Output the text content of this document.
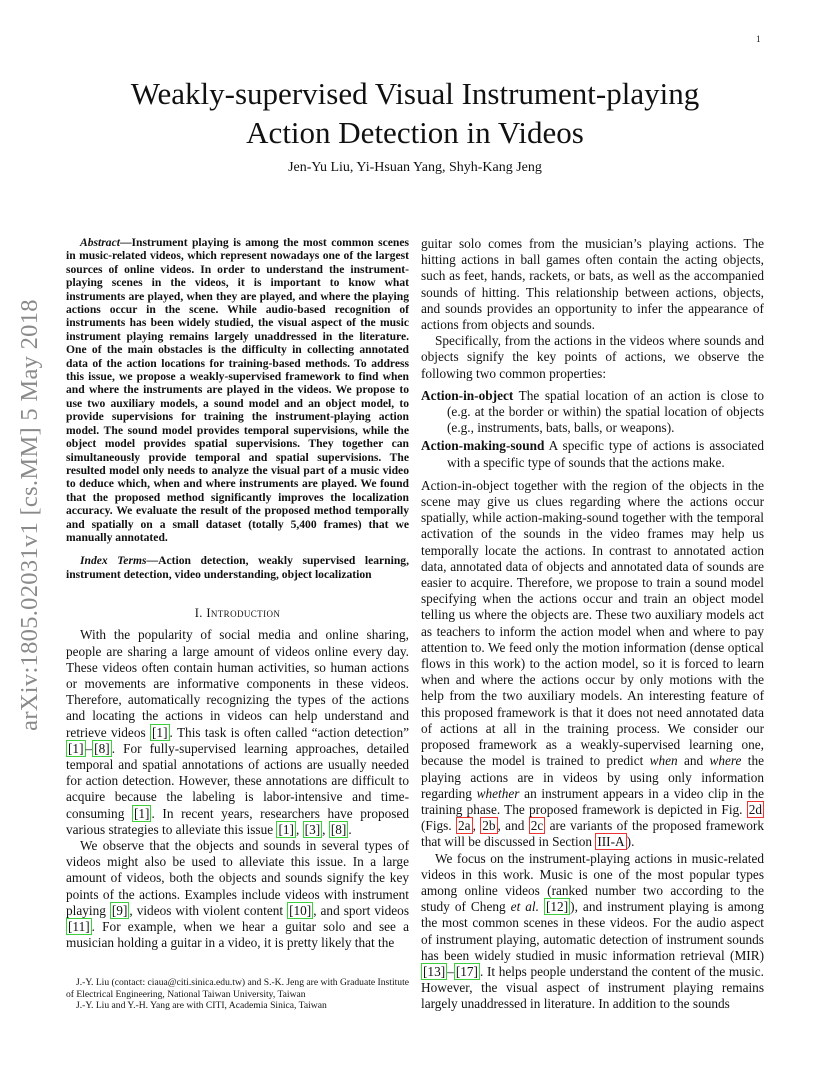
1
arXiv:1805.02031v1 [cs.MM] 5 May 2018
Weakly-supervised Visual Instrument-playing
Action Detection in Videos
Jen-Yu Liu, Yi-Hsuan Yang, Shyh-Kang Jeng

Abstract—Instrument playing is among the most common scenes in music-related videos, which represent nowadays one of the largest sources of online videos. In order to understand the instrument-playing scenes in the videos, it is important to know what instruments are played, when they are played, and where the playing actions occur in the scene. While audio-based recognition of instruments has been widely studied, the visual aspect of the music instrument playing remains largely unaddressed in the literature. One of the main obstacles is the difficulty in collecting annotated data of the action locations for training-based methods. To address this issue, we propose a weakly-supervised framework to find when and where the instruments are played in the videos. We propose to use two auxiliary models, a sound model and an object model, to provide supervisions for training the instrument-playing action model. The sound model provides temporal supervisions, while the object model provides spatial supervisions. They together can simultaneously provide temporal and spatial supervisions. The resulted model only needs to analyze the visual part of a music video to deduce which, when and where instruments are played. We found that the proposed method significantly improves the localization accuracy. We evaluate the result of the proposed method temporally and spatially on a small dataset (totally 5,400 frames) that we manually annotated.

Index Terms—Action detection, weakly supervised learning, instrument detection, video understanding, object localization

I. Introduction

With the popularity of social media and online sharing, people are sharing a large amount of videos online every day. These videos often contain human activities, so human actions or movements are informative components in these videos. Therefore, automatically recognizing the types of the actions and locating the actions in videos can help understand and retrieve videos [1] . This task is often called “action detection” [1] – [8] . For fully-supervised learning approaches, detailed temporal and spatial annotations of actions are usually needed for action detection. However, these annotations are difficult to acquire because the labeling is labor-intensive and time-consuming [1] . In recent years, researchers have proposed various strategies to alleviate this issue [1] , [3] , [8] .

We observe that the objects and sounds in several types of videos might also be used to alleviate this issue. In a large amount of videos, both the objects and sounds signify the key points of the actions. Examples include videos with instrument playing [9] , videos with violent content [10] , and sport videos [11] . For example, when we hear a guitar solo and see a musician holding a guitar in a video, it is pretty likely that the

J.-Y. Liu (contact: ciaua@citi.sinica.edu.tw) and S.-K. Jeng are with Graduate Institute of Electrical Engineering, National Taiwan University, Taiwan

J.-Y. Liu and Y.-H. Yang are with CITI, Academia Sinica, Taiwan

guitar solo comes from the musician’s playing actions. The hitting actions in ball games often contain the acting objects, such as feet, hands, rackets, or bats, as well as the accompanied sounds of hitting. This relationship between actions, objects, and sounds provides an opportunity to infer the appearance of actions from objects and sounds.

Specifically, from the actions in the videos where sounds and objects signify the key points of actions, we observe the following two common properties:

Action-in-object The spatial location of an action is close to (e.g. at the border or within) the spatial location of objects (e.g., instruments, bats, balls, or weapons).

Action-making-sound A specific type of actions is associated with a specific type of sounds that the actions make.

Action-in-object together with the region of the objects in the scene may give us clues regarding where the actions occur spatially, while action-making-sound together with the temporal activation of the sounds in the video frames may help us temporally locate the actions. In contrast to annotated action data, annotated data of objects and annotated data of sounds are easier to acquire. Therefore, we propose to train a sound model specifying when the actions occur and train an object model telling us where the objects are. These two auxiliary models act as teachers to inform the action model when and where to pay attention to. We feed only the motion information (dense optical flows in this work) to the action model, so it is forced to learn when and where the actions occur by only motions with the help from the two auxiliary models. An interesting feature of this proposed framework is that it does not need annotated data of actions at all in the training process. We consider our proposed framework as a weakly-supervised learning one, because the model is trained to predict when and where the playing actions are in videos by using only information regarding whether an instrument appears in a video clip in the training phase. The proposed framework is depicted in Fig. 2d (Figs. 2a , 2b , and 2c are variants of the proposed framework that will be discussed in Section III-A ).

We focus on the instrument-playing actions in music-related videos in this work. Music is one of the most popular types among online videos (ranked number two according to the study of Cheng et al. [12] ), and instrument playing is among the most common scenes in these videos. For the audio aspect of instrument playing, automatic detection of instrument sounds has been widely studied in music information retrieval (MIR) [13] – [17] . It helps people understand the content of the music. However, the visual aspect of instrument playing remains largely unaddressed in literature. In addition to the sounds
